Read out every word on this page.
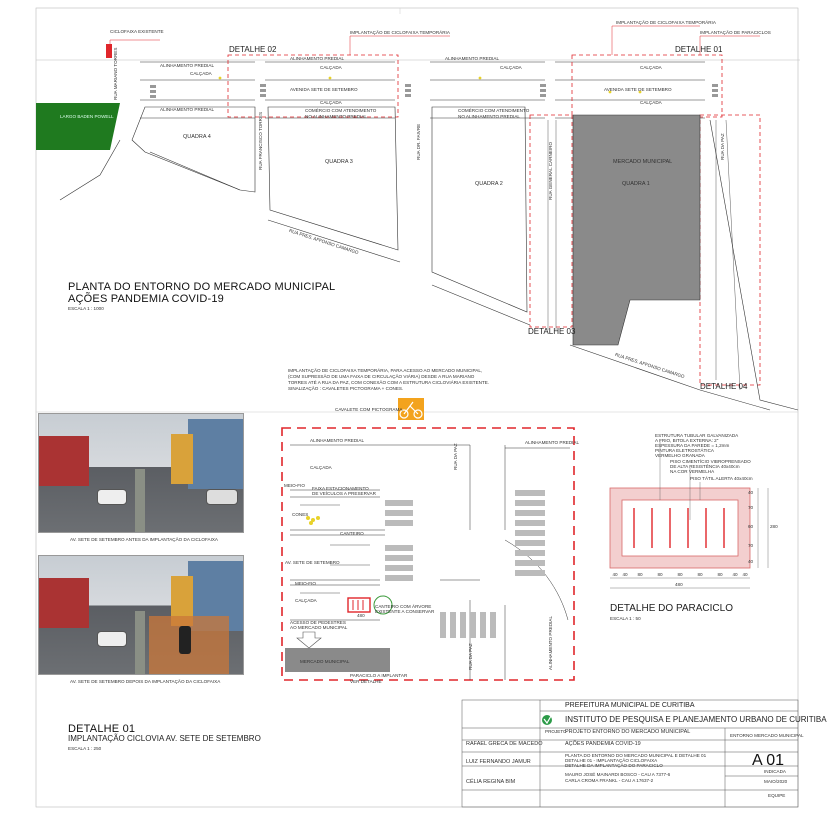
PLANTA DO ENTORNO DO MERCADO MUNICIPAL
AÇÕES PANDEMIA COVID-19
ESCALA 1 : 1000
DETALHE 02	DETALHE 01
DETALHE 03
DETALHE 04
CICLOFAIXA EXISTENTE	IMPLANTAÇÃO DE CICLOFAIXA TEMPORÁRIA
IMPLANTAÇÃO DE CICLOFAIXA TEMPORÁRIA
IMPLANTAÇÃO DE PARACICLOS
ALINHAMENTO PREDIAL
ALINHAMENTO PREDIAL	ALINHAMENTO PREDIAL
CALÇADA
CALÇADA	CALÇADA	CALÇADA
AVENIDA SETE DE SETEMBRO	AVENIDA SETE DE SETEMBRO
CALÇADA	CALÇADA
ALINHAMENTO PREDIAL	COMÉRCIO COM ATENDIMENTO
NO ALINHAMENTO PREDIAL
COMÉRCIO COM ATENDIMENTO
NO ALINHAMENTO PREDIAL
LARGO BADEN POWELL
QUADRA 4
QUADRA 3
QUADRA 2
MERCADO MUNICIPAL
QUADRA 1
RUA MARIANO TORRES
RUA FRANCISCO TORRES	RUA DR. FAIVRE
RUA GENERAL CARNEIRO	RUA DA PAZ
RUA PRES. AFFONSO CAMARGO
RUA PRES. AFFONSO CAMARGO
AV. SETE DE SETEMBRO ANTES DA IMPLANTAÇÃO DA CICLOFAIXA
AV. SETE DE SETEMBRO DEPOIS DA IMPLANTAÇÃO DA CICLOFAIXA
IMPLANTAÇÃO DE CICLOFAIXA TEMPORÁRIA, PARA ACESSO AO MERCADO MUNICIPAL,
(COM SUPRESSÃO DE UMA FAIXA DE CIRCULAÇÃO VIÁRIA) DESDE A RUA MARIANO
TORRES ATÉ A RUA DA PAZ, COM CONEXÃO COM A ESTRUTURA CICLOVIÁRIA EXISTENTE.
SINALIZAÇÃO : CAVALETES PICTOGRAMA + CONES.
CAVALETE COM PICTOGRAMA
ALINHAMENTO PREDIAL
CALÇADA
MEIO-FIO
FAIXA ESTACIONAMENTO
DE VEÍCULOS A PRESERVAR
CONES
CANTEIRO
AV. SETE DE SETEMBRO
MEIO-FIO
CALÇADA
CANTEIRO COM ÁRVORE
EXISTENTE A CONSERVAR
ACESSO DE PEDESTRES
AO MERCADO MUNICIPAL
MERCADO MUNICIPAL
PARACICLO A IMPLANTAR
VER DETALHE
480
RUA DA PAZ
RUA DA PAZ
ALINHAMENTO PREDIAL
ALINHAMENTO PREDIAL
DETALHE 01
IMPLANTAÇÃO CICLOVIA AV. SETE DE SETEMBRO
ESCALA 1 : 250
ESTRUTURA TUBULAR GALVANIZADA
A FRIO, BITOLA EXTERNA: 2"
ESPESSURA DA PAREDE = 1,2mm
PINTURA ELETROSTÁTICA
VERMELHO GRANADA
PISO CIMENTÍCIO VIBROPRENSADO
DE ALTA RESISTÊNCIA 40x40cm
NA COR VERMELHA
PISO TÁTIL ALERTA 40x40cm
40	40	80	80	80	80	80	40	40
480
40
70
60
70
40
280
DETALHE DO PARACICLO
ESCALA 1 : 50
PREFEITURA MUNICIPAL DE CURITIBA
INSTITUTO DE PESQUISA E PLANEJAMENTO URBANO DE CURITIBA
PROJETO
PROJETO ENTORNO DO MERCADO MUNICIPAL
AÇÕES PANDEMIA COVID-19
PLANTA DO ENTORNO DO MERCADO MUNICIPAL E DETALHE 01
DETALHE 01 - IMPLANTAÇÃO CICLOFAIXA
DETALHE DA IMPLANTAÇÃO DO PARACICLO
MAURO JOSÉ MAINARDI BOSCO - CAU A 7377-6
CARLA CROMA FRANKL - CAU A 17637-2
RAFAEL GRECA DE MACEDO
LUIZ FERNANDO JAMUR
CÉLIA REGINA BIM
ENTORNO MERCADO MUNICIPAL
A 01
INDICADA
MAIO/2020
EQUIPE
